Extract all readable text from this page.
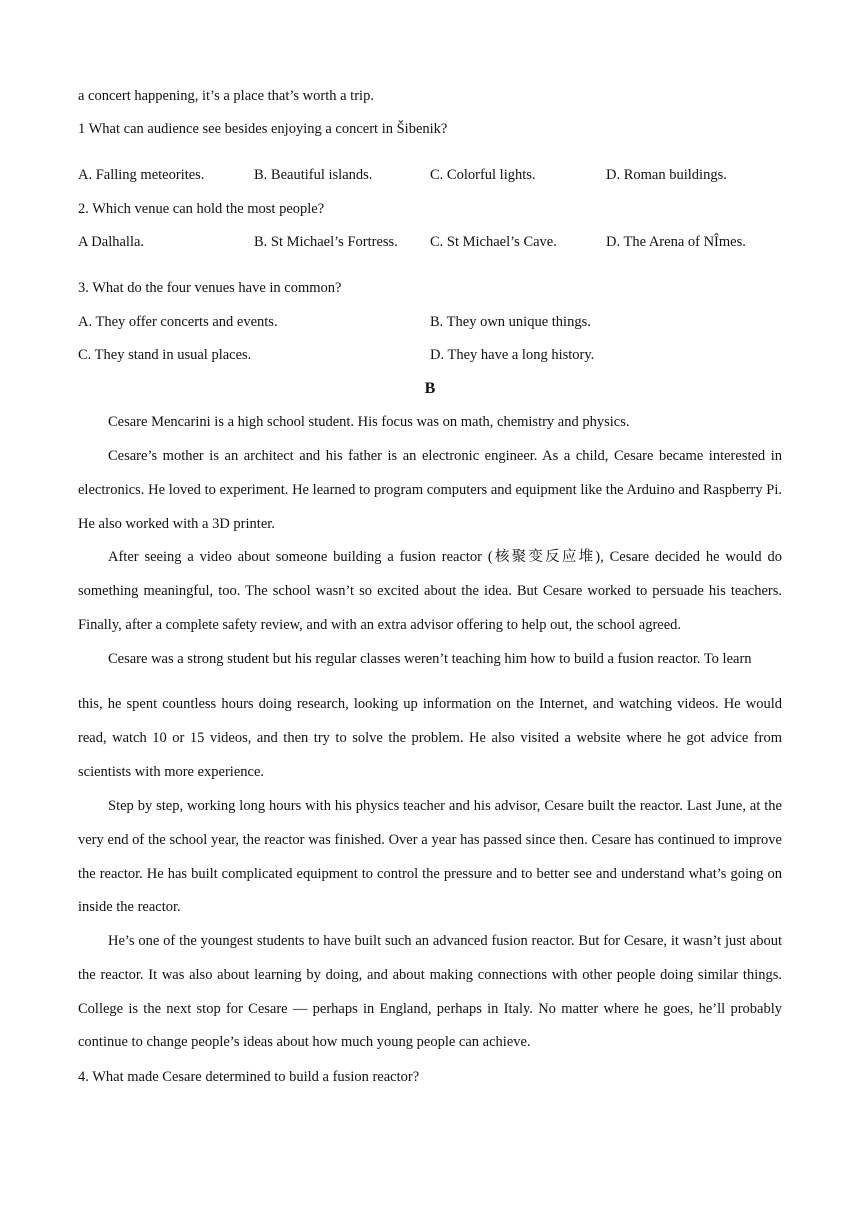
a concert happening, it’s a place that’s worth a trip.
1 What can audience see besides enjoying a concert in Šibenik?
A. Falling meteorites.	B. Beautiful islands.	C. Colorful lights.	D. Roman buildings.
2. Which venue can hold the most people?
A Dalhalla.	B. St Michael’s Fortress. C. St Michael’s Cave.	D. The Arena of NÎmes.
3. What do the four venues have in common?
A. They offer concerts and events.	B. They own unique things.
C. They stand in usual places.	D. They have a long history.
B
Cesare Mencarini is a high school student. His focus was on math, chemistry and physics.
Cesare’s mother is an architect and his father is an electronic engineer. As a child, Cesare became interested in electronics. He loved to experiment. He learned to program computers and equipment like the Arduino and Raspberry Pi. He also worked with a 3D printer.
After seeing a video about someone building a fusion reactor (核聚变反应堆), Cesare decided he would do something meaningful, too. The school wasn’t so excited about the idea. But Cesare worked to persuade his teachers. Finally, after a complete safety review, and with an extra advisor offering to help out, the school agreed.
Cesare was a strong student but his regular classes weren’t teaching him how to build a fusion reactor. To learn
this, he spent countless hours doing research, looking up information on the Internet, and watching videos. He would read, watch 10 or 15 videos, and then try to solve the problem. He also visited a website where he got advice from scientists with more experience.
Step by step, working long hours with his physics teacher and his advisor, Cesare built the reactor. Last June, at the very end of the school year, the reactor was finished. Over a year has passed since then. Cesare has continued to improve the reactor. He has built complicated equipment to control the pressure and to better see and understand what’s going on inside the reactor.
He’s one of the youngest students to have built such an advanced fusion reactor. But for Cesare, it wasn’t just about the reactor. It was also about learning by doing, and about making connections with other people doing similar things. College is the next stop for Cesare — perhaps in England, perhaps in Italy. No matter where he goes, he’ll probably continue to change people’s ideas about how much young people can achieve.
4. What made Cesare determined to build a fusion reactor?
